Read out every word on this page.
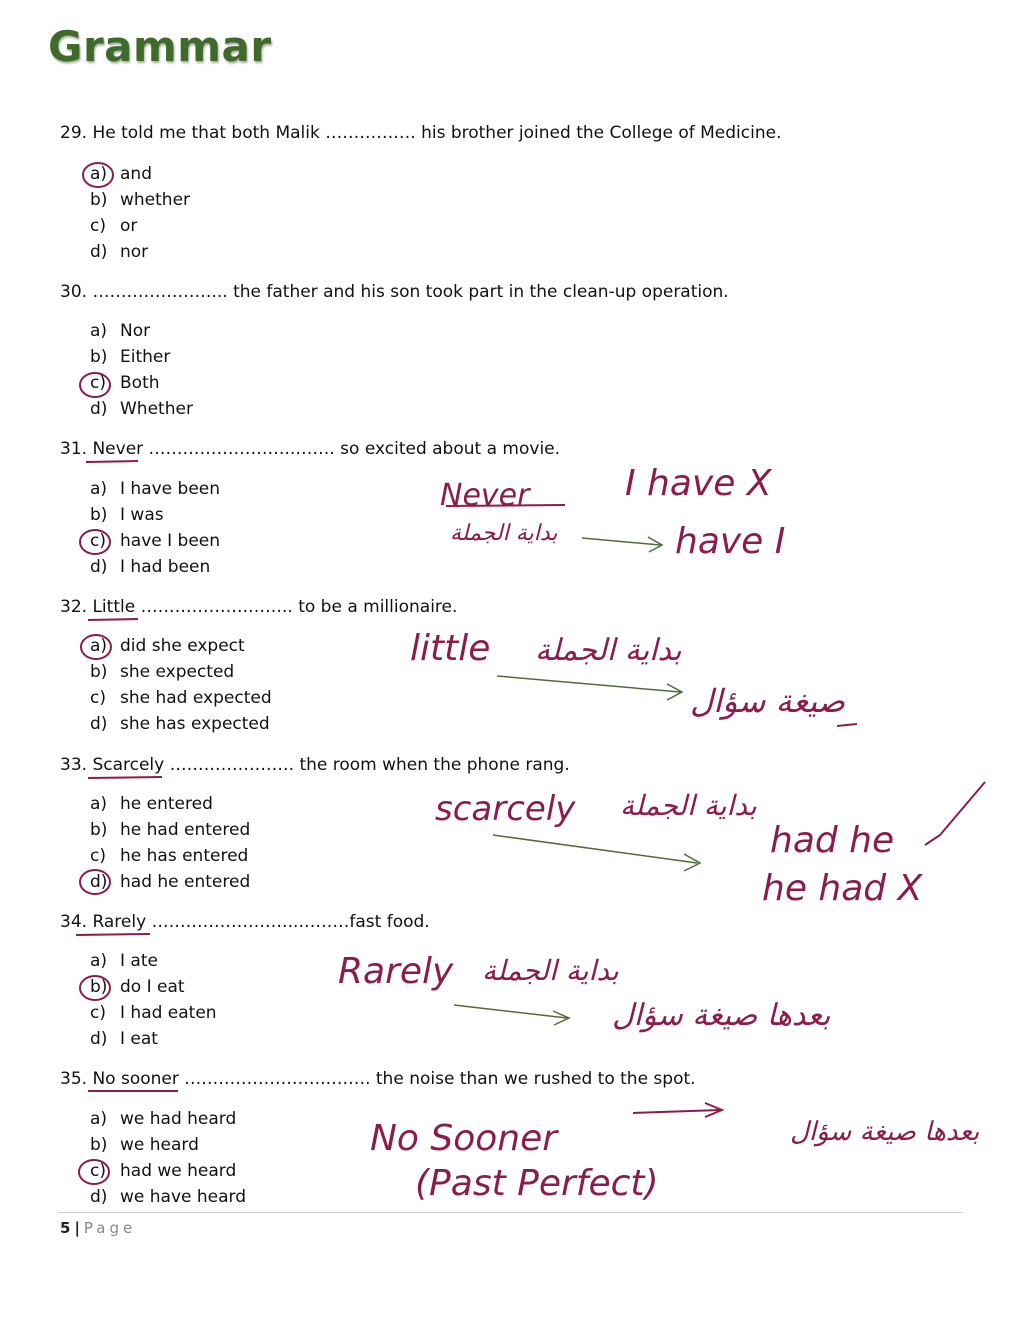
Grammar
29. He told me that both Malik ……………. his brother joined the College of Medicine.
a) and
b) whether
c) or
d) nor
30. …………………... the father and his son took part in the clean-up operation.
a) Nor
b) Either
c) Both
d) Whether
31. Never ……………………..……. so excited about a movie.
a) I have been
b) I was
c) have I been
d) I had been
32. Little ……………….…….. to be a millionaire.
a) did she expect
b) she expected
c) she had expected
d) she has expected
33. Scarcely …………………. the room when the phone rang.
a) he entered
b) he had entered
c) he has entered
d) had he entered
34. Rarely ……………………..………fast food.
a) I ate
b) do I eat
c) I had eaten
d) I eat
35. No sooner ……………………..……. the noise than we rushed to the spot.
a) we had heard
b) we heard
c) had we heard
d) we have heard
5 | Page
Never
بداية الجملة
I have X
have I
little بداية الجملة
صيغة سؤال
scarcely بداية الجملة
had he
he had X
Rarely بداية الجملة
بعدها صيغة سؤال
No Sooner
(Past Perfect)
بعدها صيغة سؤال
